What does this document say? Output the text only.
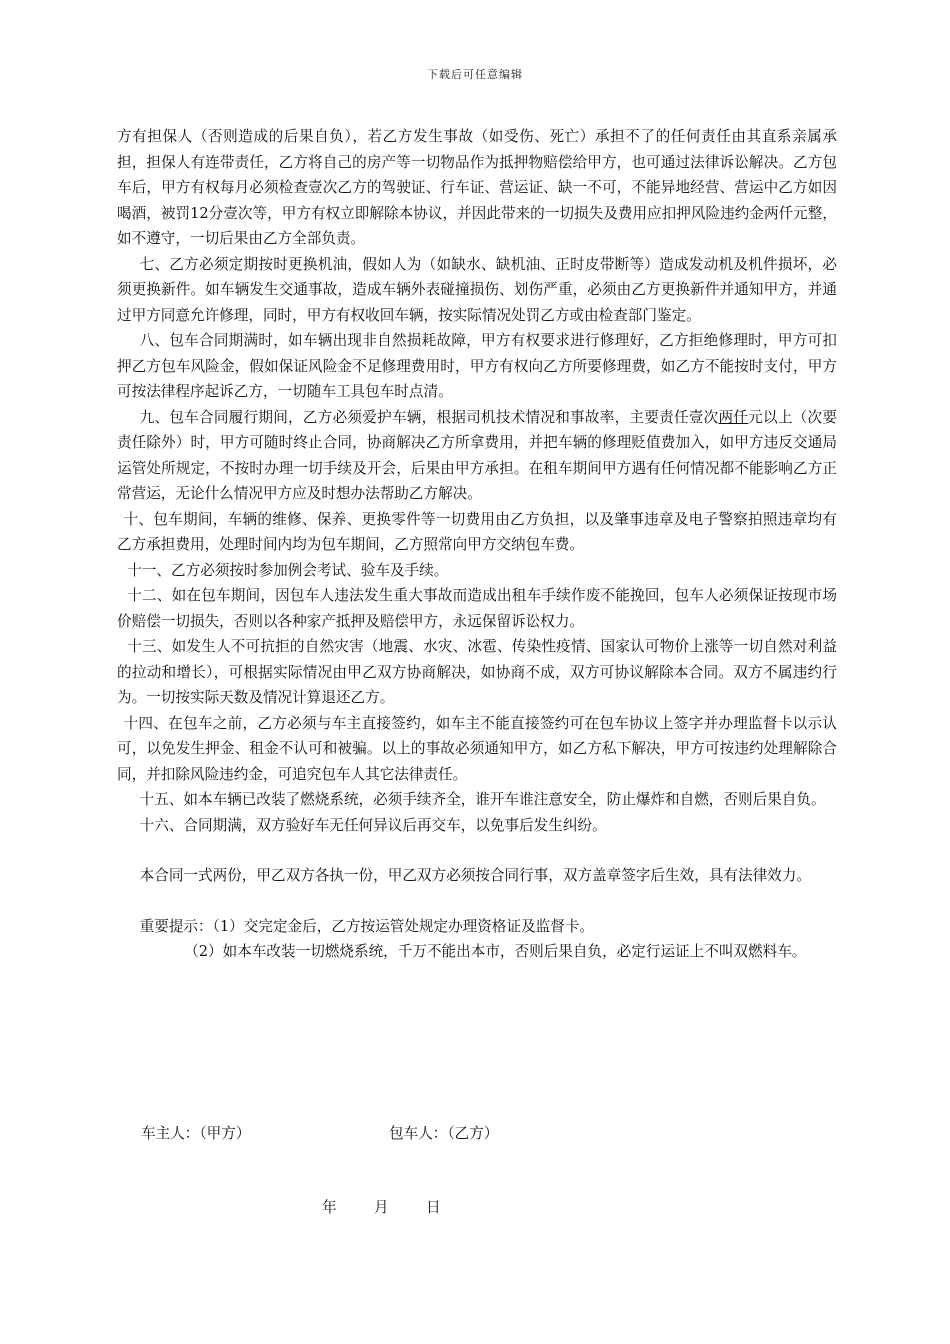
下载后可任意编辑

方有担保人（否则造成的后果自负），若乙方发生事故（如受伤、死亡）承担不了的任何责任由其直系亲属承担，担保人有连带责任，乙方将自己的房产等一切物品作为抵押物赔偿给甲方，也可通过法律诉讼解决。乙方包车后，甲方有权每月必须检查壹次乙方的驾驶证、行车证、营运证、缺一不可，不能异地经营、营运中乙方如因喝酒，被罚12分壹次等，甲方有权立即解除本协议，并因此带来的一切损失及费用应扣押风险违约金两仟元整，如不遵守，一切后果由乙方全部负责。

七、乙方必须定期按时更换机油，假如人为（如缺水、缺机油、正时皮带断等）造成发动机及机件损坏，必须更换新件。如车辆发生交通事故，造成车辆外表碰撞损伤、划伤严重，必须由乙方更换新件并通知甲方，并通过甲方同意允许修理，同时，甲方有权收回车辆，按实际情况处罚乙方或由检查部门鉴定。

八、包车合同期满时，如车辆出现非自然损耗故障，甲方有权要求进行修理好，乙方拒绝修理时，甲方可扣押乙方包车风险金，假如保证风险金不足修理费用时，甲方有权向乙方所要修理费，如乙方不能按时支付，甲方可按法律程序起诉乙方，一切随车工具包车时点清。

九、包车合同履行期间，乙方必须爱护车辆，根据司机技术情况和事故率，主要责任壹次两仟元以上（次要责任除外）时，甲方可随时终止合同，协商解决乙方所拿费用，并把车辆的修理贬值费加入，如甲方违反交通局运管处所规定，不按时办理一切手续及开会，后果由甲方承担。在租车期间甲方遇有任何情况都不能影响乙方正常营运，无论什么情况甲方应及时想办法帮助乙方解决。

十、包车期间，车辆的维修、保养、更换零件等一切费用由乙方负担，以及肇事违章及电子警察拍照违章均有乙方承担费用，处理时间内均为包车期间，乙方照常向甲方交纳包车费。

十一、乙方必须按时参加例会考试、验车及手续。

十二、如在包车期间，因包车人违法发生重大事故而造成出租车手续作废不能挽回，包车人必须保证按现市场价赔偿一切损失，否则以各种家产抵押及赔偿甲方，永远保留诉讼权力。

十三、如发生人不可抗拒的自然灾害（地震、水灾、冰雹、传染性疫情、国家认可物价上涨等一切自然对利益的拉动和增长），可根据实际情况由甲乙双方协商解决，如协商不成，双方可协议解除本合同。双方不属违约行为。一切按实际天数及情况计算退还乙方。

十四、在包车之前，乙方必须与车主直接签约，如车主不能直接签约可在包车协议上签字并办理监督卡以示认可，以免发生押金、租金不认可和被骗。以上的事故必须通知甲方，如乙方私下解决，甲方可按违约处理解除合同，并扣除风险违约金，可追究包车人其它法律责任。

十五、如本车辆已改装了燃烧系统，必须手续齐全，谁开车谁注意安全，防止爆炸和自燃，否则后果自负。

十六、合同期满，双方验好车无任何异议后再交车，以免事后发生纠纷。

本合同一式两份，甲乙双方各执一份，甲乙双方必须按合同行事，双方盖章签字后生效，具有法律效力。

重要提示：（1）交完定金后，乙方按运管处规定办理资格证及监督卡。

（2）如本车改装一切燃烧系统，千万不能出本市，否则后果自负，必定行运证上不叫双燃料车。

车主人：（甲方）	包车人：（乙方）
年	月	日
